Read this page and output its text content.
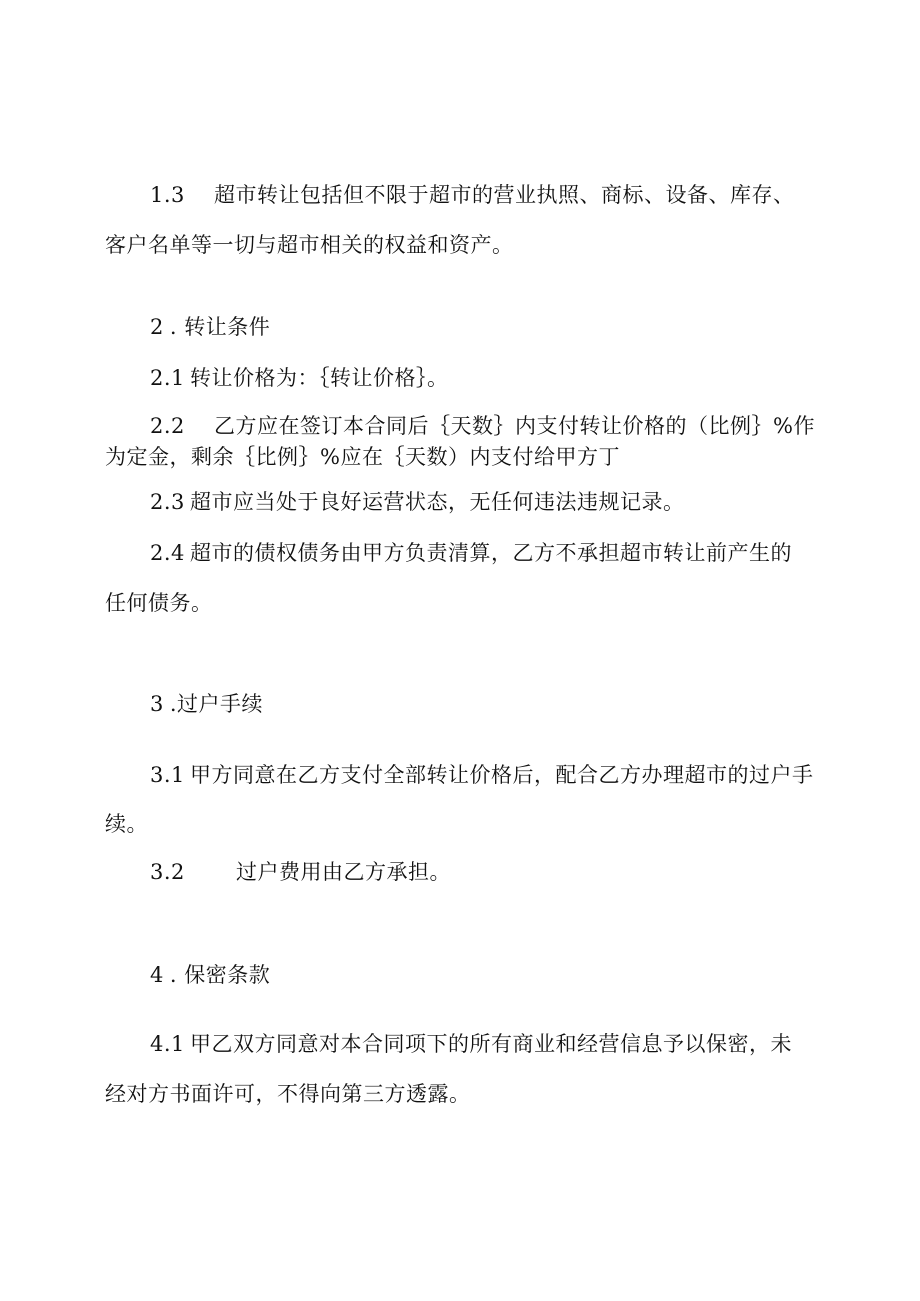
1.3 超市转让包括但不限于超市的营业执照、商标、设备、库存、
客户名单等一切与超市相关的权益和资产。
2 . 转让条件
2.1 转让价格为：｛转让价格｝。
2.2 乙方应在签订本合同后｛天数｝内支付转让价格的（比例｝%作
为定金，剩余｛比例｝%应在｛天数）内支付给甲方丁
2.3 超市应当处于良好运营状态，无任何违法违规记录。
2.4 超市的债权债务由甲方负责清算，乙方不承担超市转让前产生的
任何债务。
3 .过户手续
3.1 甲方同意在乙方支付全部转让价格后，配合乙方办理超市的过户手
续。
3.2 过户费用由乙方承担。
4 . 保密条款
4.1 甲乙双方同意对本合同项下的所有商业和经营信息予以保密，未
经对方书面许可，不得向第三方透露。
